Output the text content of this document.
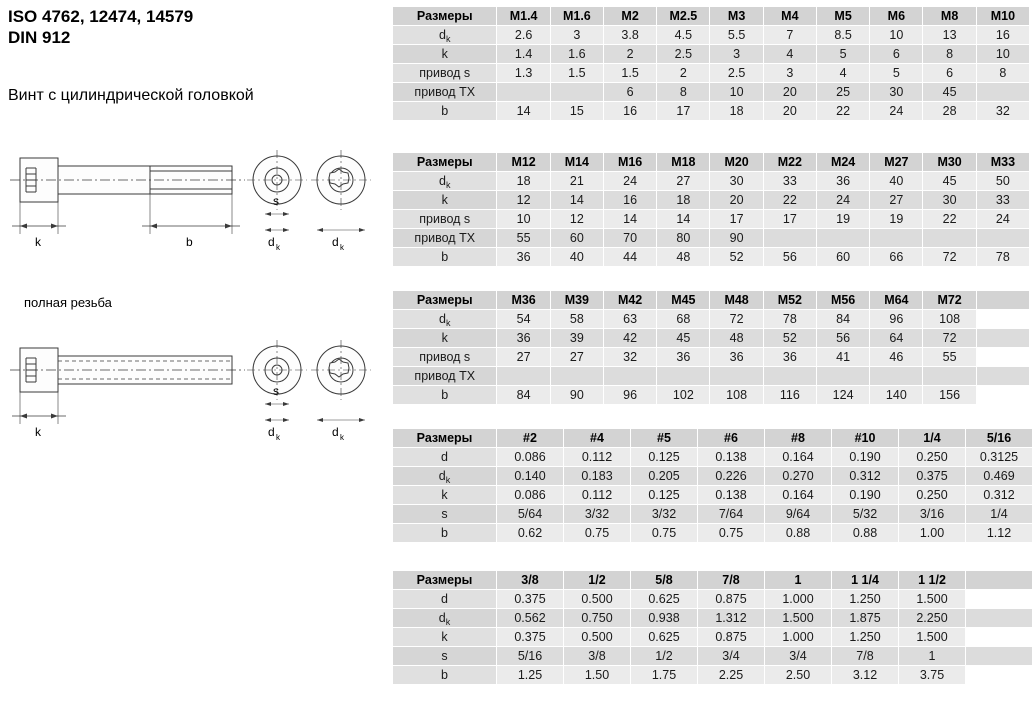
ISO 4762, 12474, 14579
DIN 912
Винт с цилиндрической головкой
k	b
s
d k	d k
полная резьба
k
s
d k	d k
Размеры	M1.4	M1.6	M2	M2.5	M3	M4	M5	M6	M8	M10
$d_k$	2.6	3	3.8	4.5	5.5	7	8.5	10	13	16
k	1.4	1.6	2	2.5	3	4	5	6	8	10
привод s	1.3	1.5	1.5	2	2.5	3	4	5	6	8
привод TX			6	8	10	20	25	30	45	
b	14	15	16	17	18	20	22	24	28	32
Размеры	M12	M14	M16	M18	M20	M22	M24	M27	M30	M33
$d_k$	18	21	24	27	30	33	36	40	45	50
k	12	14	16	18	20	22	24	27	30	33
привод s	10	12	14	14	17	17	19	19	22	24
привод TX	55	60	70	80	90					
b	36	40	44	48	52	56	60	66	72	78
Размеры	M36	M39	M42	M45	M48	M52	M56	M64	M72	
$d_k$	54	58	63	68	72	78	84	96	108	
k	36	39	42	45	48	52	56	64	72	
привод s	27	27	32	36	36	36	41	46	55	
привод TX										
b	84	90	96	102	108	116	124	140	156	
Размеры	#2	#4	#5	#6	#8	#10	1/4	5/16
d	0.086	0.112	0.125	0.138	0.164	0.190	0.250	0.3125
$d_k$	0.140	0.183	0.205	0.226	0.270	0.312	0.375	0.469
k	0.086	0.112	0.125	0.138	0.164	0.190	0.250	0.312
s	5/64	3/32	3/32	7/64	9/64	5/32	3/16	1/4
b	0.62	0.75	0.75	0.75	0.88	0.88	1.00	1.12
Размеры	3/8	1/2	5/8	7/8	1	1 1/4	1 1/2	
d	0.375	0.500	0.625	0.875	1.000	1.250	1.500	
$d_k$	0.562	0.750	0.938	1.312	1.500	1.875	2.250	
k	0.375	0.500	0.625	0.875	1.000	1.250	1.500	
s	5/16	3/8	1/2	3/4	3/4	7/8	1	
b	1.25	1.50	1.75	2.25	2.50	3.12	3.75	
